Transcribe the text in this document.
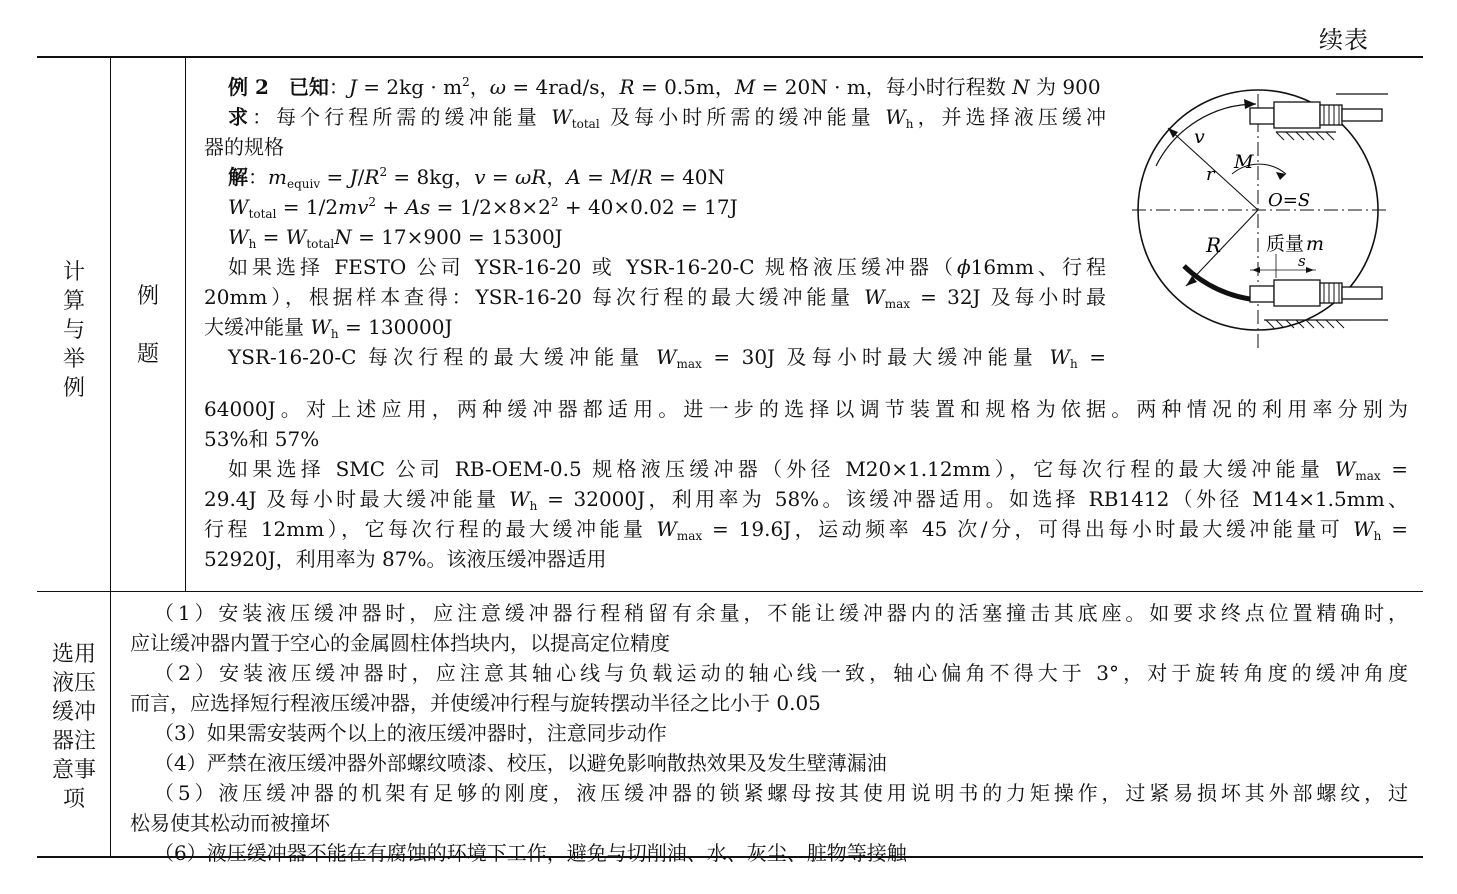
续表
计
算
与
举
例
例
题
选用
液压
缓冲
器注
意事
项
例 2　已知：$J = 2kg \cdot m^2$，ω = 4rad/s，R = 0.5m，M = 20N · m，每小时行程数 N 为 900
求：每个行程所需的缓冲能量 $W_{total}$ 及每小时所需的缓冲能量 $W_h$，并选择液压缓冲
器的规格
解：$m_{equiv} = J/R^2 = 8kg$，v = ωR，A = M/R = 40N
$W_{total} = 1/2mv^2 + As = 1/2\times 8\times 2^2 + 40\times 0.02 = 17J$
$W_h = W_{total}N = 17\times 900 = 15300J$
如果选择 FESTO 公司 YSR-16-20 或 YSR-16-20-C 规格液压缓冲器（ϕ16mm、行程
20mm），根据样本查得：YSR-16-20 每次行程的最大缓冲能量 $W_{max} = 32J$ 及每小时最
大缓冲能量 $W_h = 130000J$
YSR-16-20-C 每次行程的最大缓冲能量 $W_{max} = 30J$ 及每小时最大缓冲能量 $W_h$ =
64000J。对上述应用，两种缓冲器都适用。进一步的选择以调节装置和规格为依据。两种情况的利用率分别为
53%和 57%
如果选择 SMC 公司 RB-OEM-0.5 规格液压缓冲器（外径 M20×1.12mm），它每次行程的最大缓冲能量 $W_{max}$ =
29.4J 及每小时最大缓冲能量 $W_h = 32000J$，利用率为 58%。该缓冲器适用。如选择 RB1412（外径 M14×1.5mm、
行程 12mm），它每次行程的最大缓冲能量 $W_{max} = 19.6J$，运动频率 45 次/分，可得出每小时最大缓冲能量可 $W_h$ =
52920J，利用率为 87%。该液压缓冲器适用
（1）安装液压缓冲器时，应注意缓冲器行程稍留有余量，不能让缓冲器内的活塞撞击其底座。如要求终点位置精确时，
应让缓冲器内置于空心的金属圆柱体挡块内，以提高定位精度
（2）安装液压缓冲器时，应注意其轴心线与负载运动的轴心线一致，轴心偏角不得大于 3°，对于旋转角度的缓冲角度
而言，应选择短行程液压缓冲器，并使缓冲行程与旋转摆动半径之比小于 0.05
（3）如果需安装两个以上的液压缓冲器时，注意同步动作
（4）严禁在液压缓冲器外部螺纹喷漆、校压，以避免影响散热效果及发生壁薄漏油
（5）液压缓冲器的机架有足够的刚度，液压缓冲器的锁紧螺母按其使用说明书的力矩操作，过紧易损坏其外部螺纹，过
松易使其松动而被撞坏
（6）液压缓冲器不能在有腐蚀的环境下工作，避免与切削油、水、灰尘、脏物等接触
v
M
r
O=S
R 质量 m
s
